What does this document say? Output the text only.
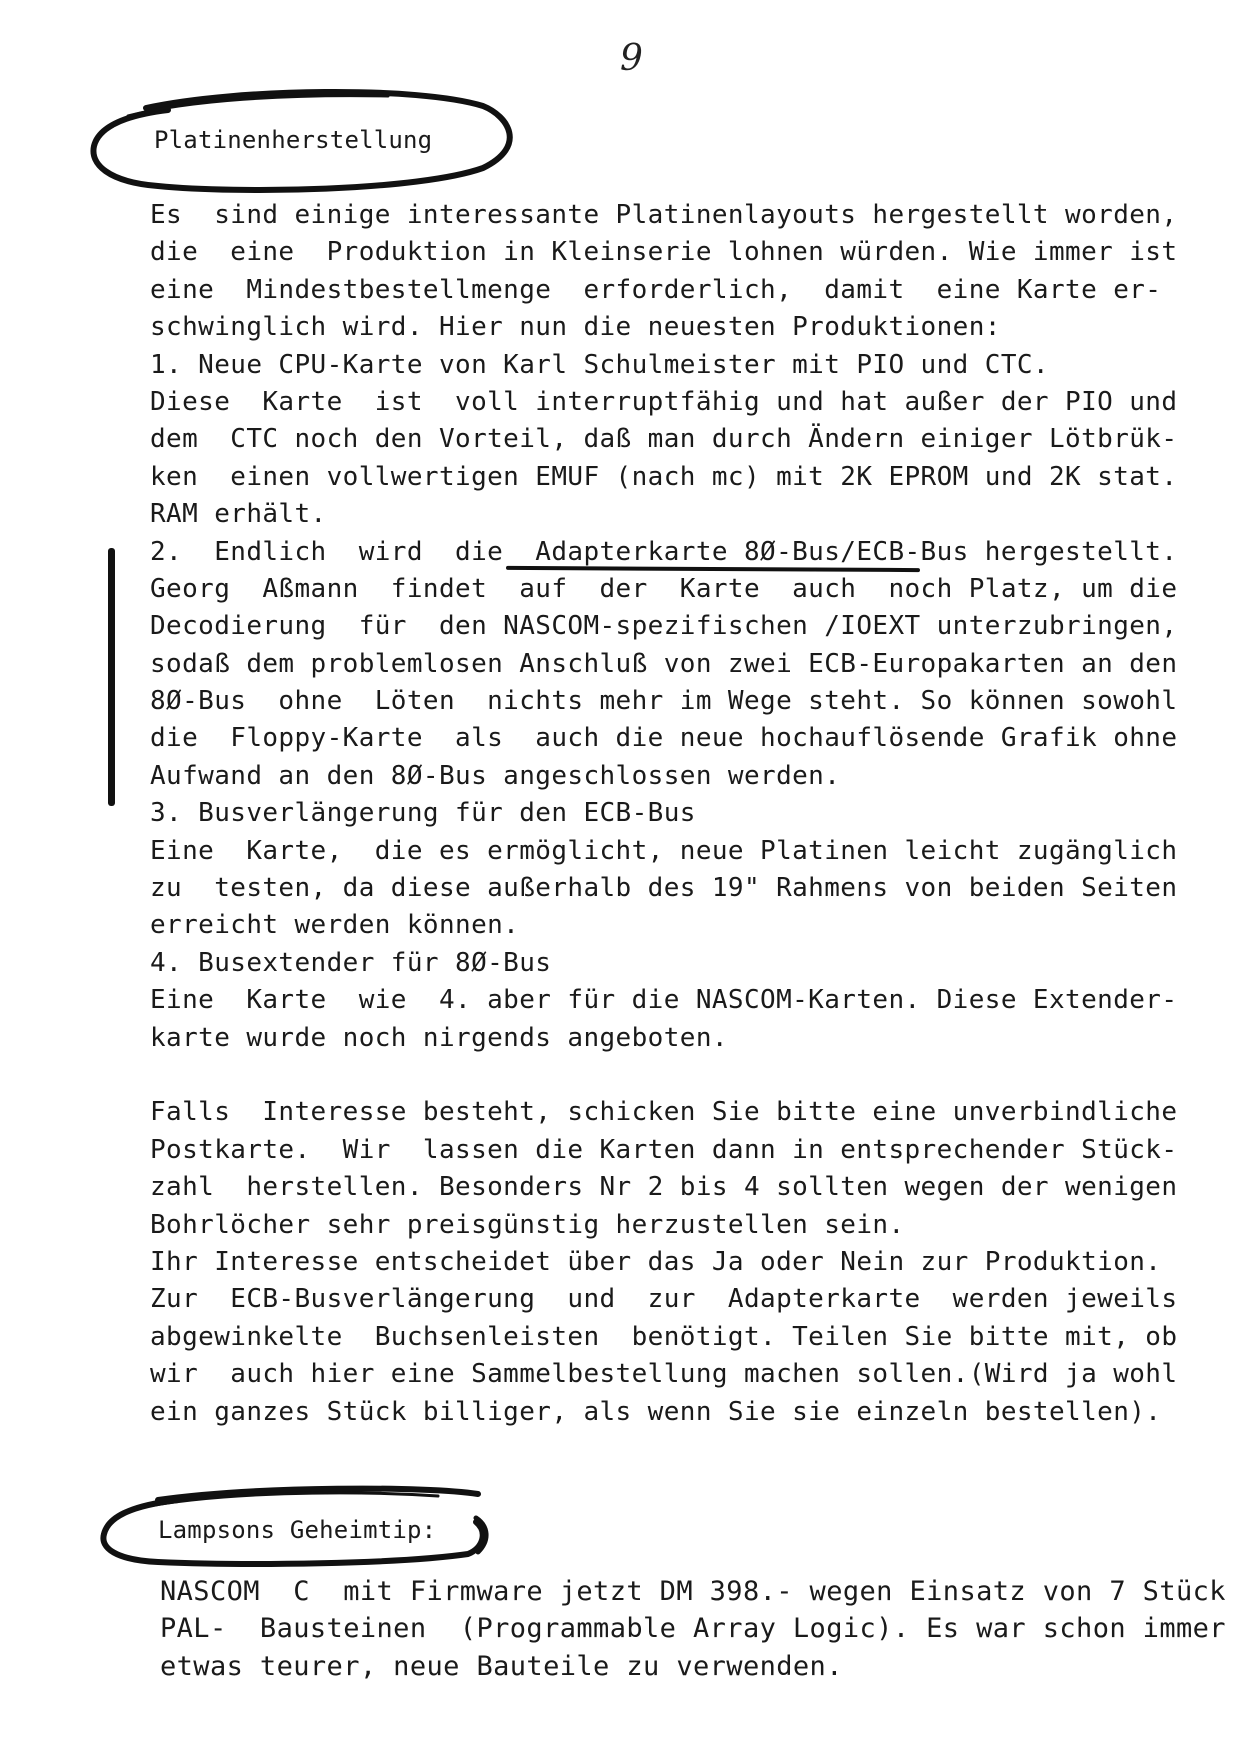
9
Platinenherstellung
Es  sind einige interessante Platinenlayouts hergestellt worden,
die  eine  Produktion in Kleinserie lohnen würden. Wie immer ist
eine  Mindestbestellmenge  erforderlich,  damit  eine Karte er-
schwinglich wird. Hier nun die neuesten Produktionen:
1. Neue CPU-Karte von Karl Schulmeister mit PIO und CTC.
Diese  Karte  ist  voll interruptfähig und hat außer der PIO und
dem  CTC noch den Vorteil, daß man durch Ändern einiger Lötbrük-
ken  einen vollwertigen EMUF (nach mc) mit 2K EPROM und 2K stat.
RAM erhält.
2.  Endlich  wird  die  Adapterkarte 8Ø-Bus/ECB-Bus hergestellt.
Georg  Aßmann  findet  auf  der  Karte  auch  noch Platz, um die
Decodierung  für  den NASCOM-spezifischen /IOEXT unterzubringen,
sodaß dem problemlosen Anschluß von zwei ECB-Europakarten an den
8Ø-Bus  ohne  Löten  nichts mehr im Wege steht. So können sowohl
die  Floppy-Karte  als  auch die neue hochauflösende Grafik ohne
Aufwand an den 8Ø-Bus angeschlossen werden.
3. Busverlängerung für den ECB-Bus
Eine  Karte,  die es ermöglicht, neue Platinen leicht zugänglich
zu  testen, da diese außerhalb des 19" Rahmens von beiden Seiten
erreicht werden können.
4. Busextender für 8Ø-Bus
Eine  Karte  wie  4. aber für die NASCOM-Karten. Diese Extender-
karte wurde noch nirgends angeboten.
Falls  Interesse besteht, schicken Sie bitte eine unverbindliche
Postkarte.  Wir  lassen die Karten dann in entsprechender Stück-
zahl  herstellen. Besonders Nr 2 bis 4 sollten wegen der wenigen
Bohrlöcher sehr preisgünstig herzustellen sein.
Ihr Interesse entscheidet über das Ja oder Nein zur Produktion.
Zur  ECB-Busverlängerung  und  zur  Adapterkarte  werden jeweils
abgewinkelte  Buchsenleisten  benötigt. Teilen Sie bitte mit, ob
wir  auch hier eine Sammelbestellung machen sollen.(Wird ja wohl
ein ganzes Stück billiger, als wenn Sie sie einzeln bestellen).
Lampsons Geheimtip:
NASCOM  C  mit Firmware jetzt DM 398.- wegen Einsatz von 7 Stück
PAL-  Bausteinen  (Programmable Array Logic). Es war schon immer
etwas teurer, neue Bauteile zu verwenden.
